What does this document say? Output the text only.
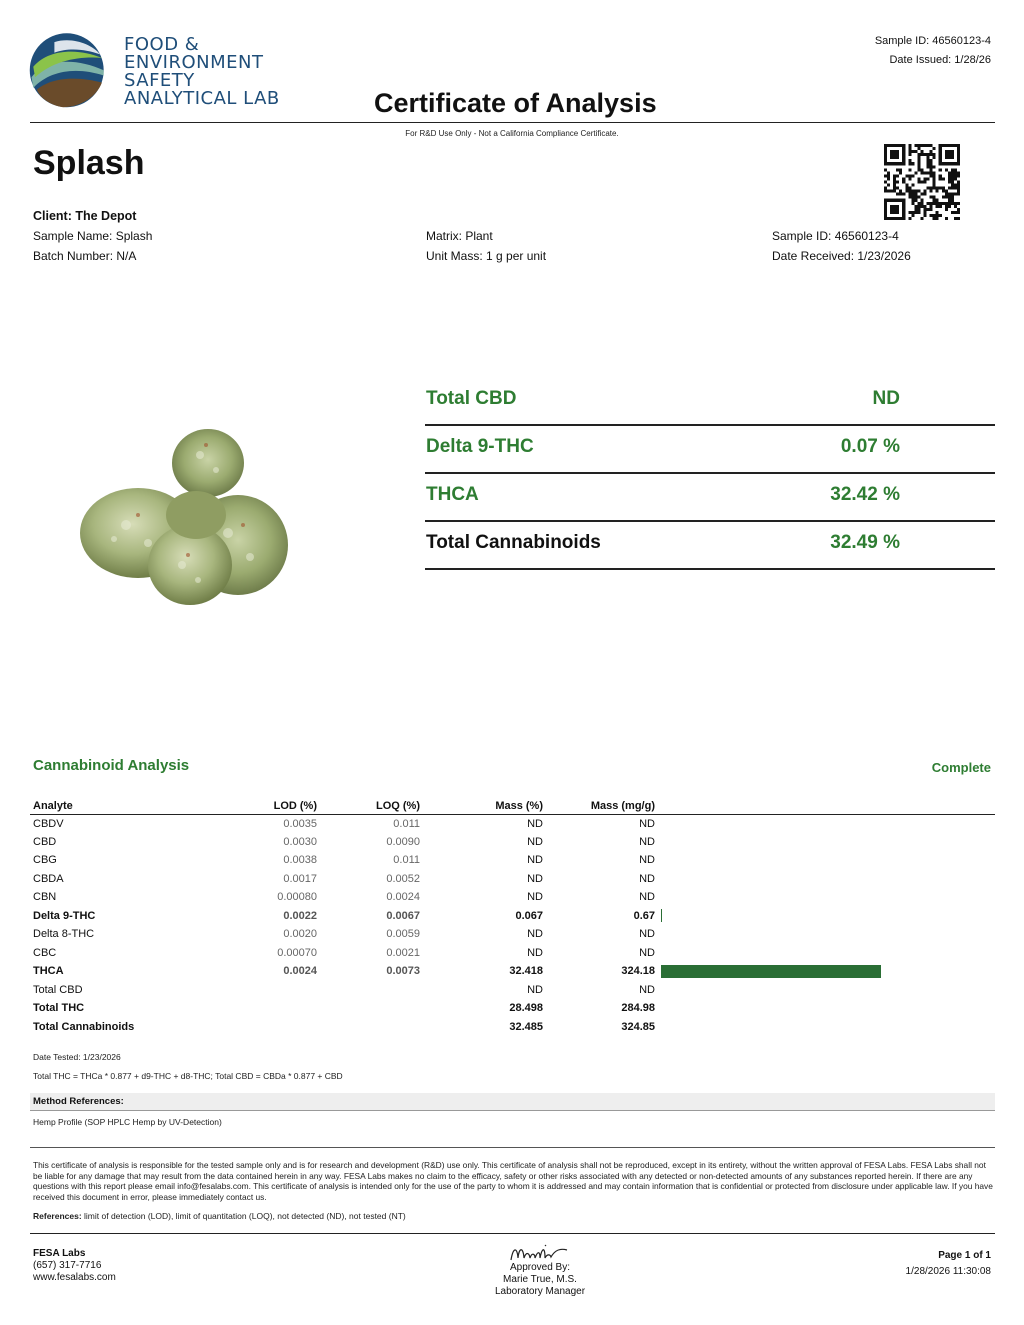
FOOD &
ENVIRONMENT
SAFETY
ANALYTICAL LAB	Certificate of Analysis
Sample ID: 46560123-4
Date Issued: 1/28/26
For R&D Use Only - Not a California Compliance Certificate.
Splash
Client: The Depot
Sample Name: Splash
Batch Number: N/A
Matrix: Plant
Unit Mass: 1 g per unit
Sample ID: 46560123-4
Date Received: 1/23/2026
Total CBD	ND
Delta 9-THC	0.07 %
THCA	32.42 %
Total Cannabinoids	32.49 %
Cannabinoid Analysis	Complete
Analyte	LOD (%)	LOQ (%)	Mass (%)	Mass (mg/g)	
CBDV	0.0035	0.011	ND	ND	
CBD	0.0030	0.0090	ND	ND	
CBG	0.0038	0.011	ND	ND	
CBDA	0.0017	0.0052	ND	ND	
CBN	0.00080	0.0024	ND	ND	
Delta 9-THC	0.0022	0.0067	0.067	0.67	

Delta 8-THC	0.0020	0.0059	ND	ND	
CBC	0.00070	0.0021	ND	ND	
THCA	0.0024	0.0073	32.418	324.18	

Total CBD			ND	ND	
Total THC			28.498	284.98	
Total Cannabinoids			32.485	324.85	
Date Tested: 1/23/2026
Total THC = THCa * 0.877 + d9-THC + d8-THC; Total CBD = CBDa * 0.877 + CBD
Method References:
Hemp Profile (SOP HPLC Hemp by UV-Detection)
This certificate of analysis is responsible for the tested sample only and is for research and development (R&D) use only. This certificate of analysis shall not be reproduced, except in its entirety, without the written approval of FESA Labs. FESA Labs shall not be liable for any damage that may result from the data contained herein in any way. FESA Labs makes no claim to the efficacy, safety or other risks associated with any detected or non-detected amounts of any substances reported herein. If there are any questions with this report please email info@fesalabs.com. This certificate of analysis is intended only for the use of the party to whom it is addressed and may contain information that is confidential or protected from disclosure under applicable law. If you have received this document in error, please immediately contact us.
References: limit of detection (LOD), limit of quantitation (LOQ), not detected (ND), not tested (NT)
FESA Labs
(657) 317-7716
www.fesalabs.com
Approved By:
Marie True, M.S.
Laboratory Manager
Page 1 of 1
1/28/2026 11:30:08
